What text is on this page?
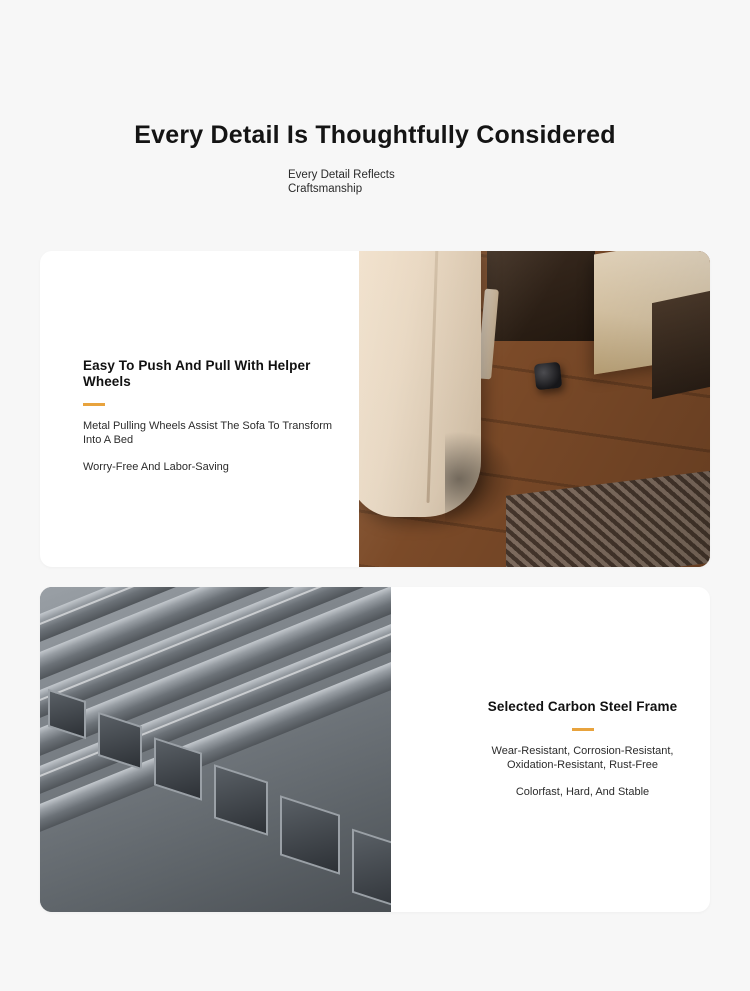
Every Detail Is Thoughtfully Considered
Every Detail Reflects Craftsmanship
Easy To Push And Pull With Helper Wheels
Metal Pulling Wheels Assist The Sofa To Transform Into A Bed
Worry-Free And Labor-Saving
Selected Carbon Steel Frame
Wear-Resistant, Corrosion-Resistant, Oxidation-Resistant, Rust-Free
Colorfast, Hard, And Stable
